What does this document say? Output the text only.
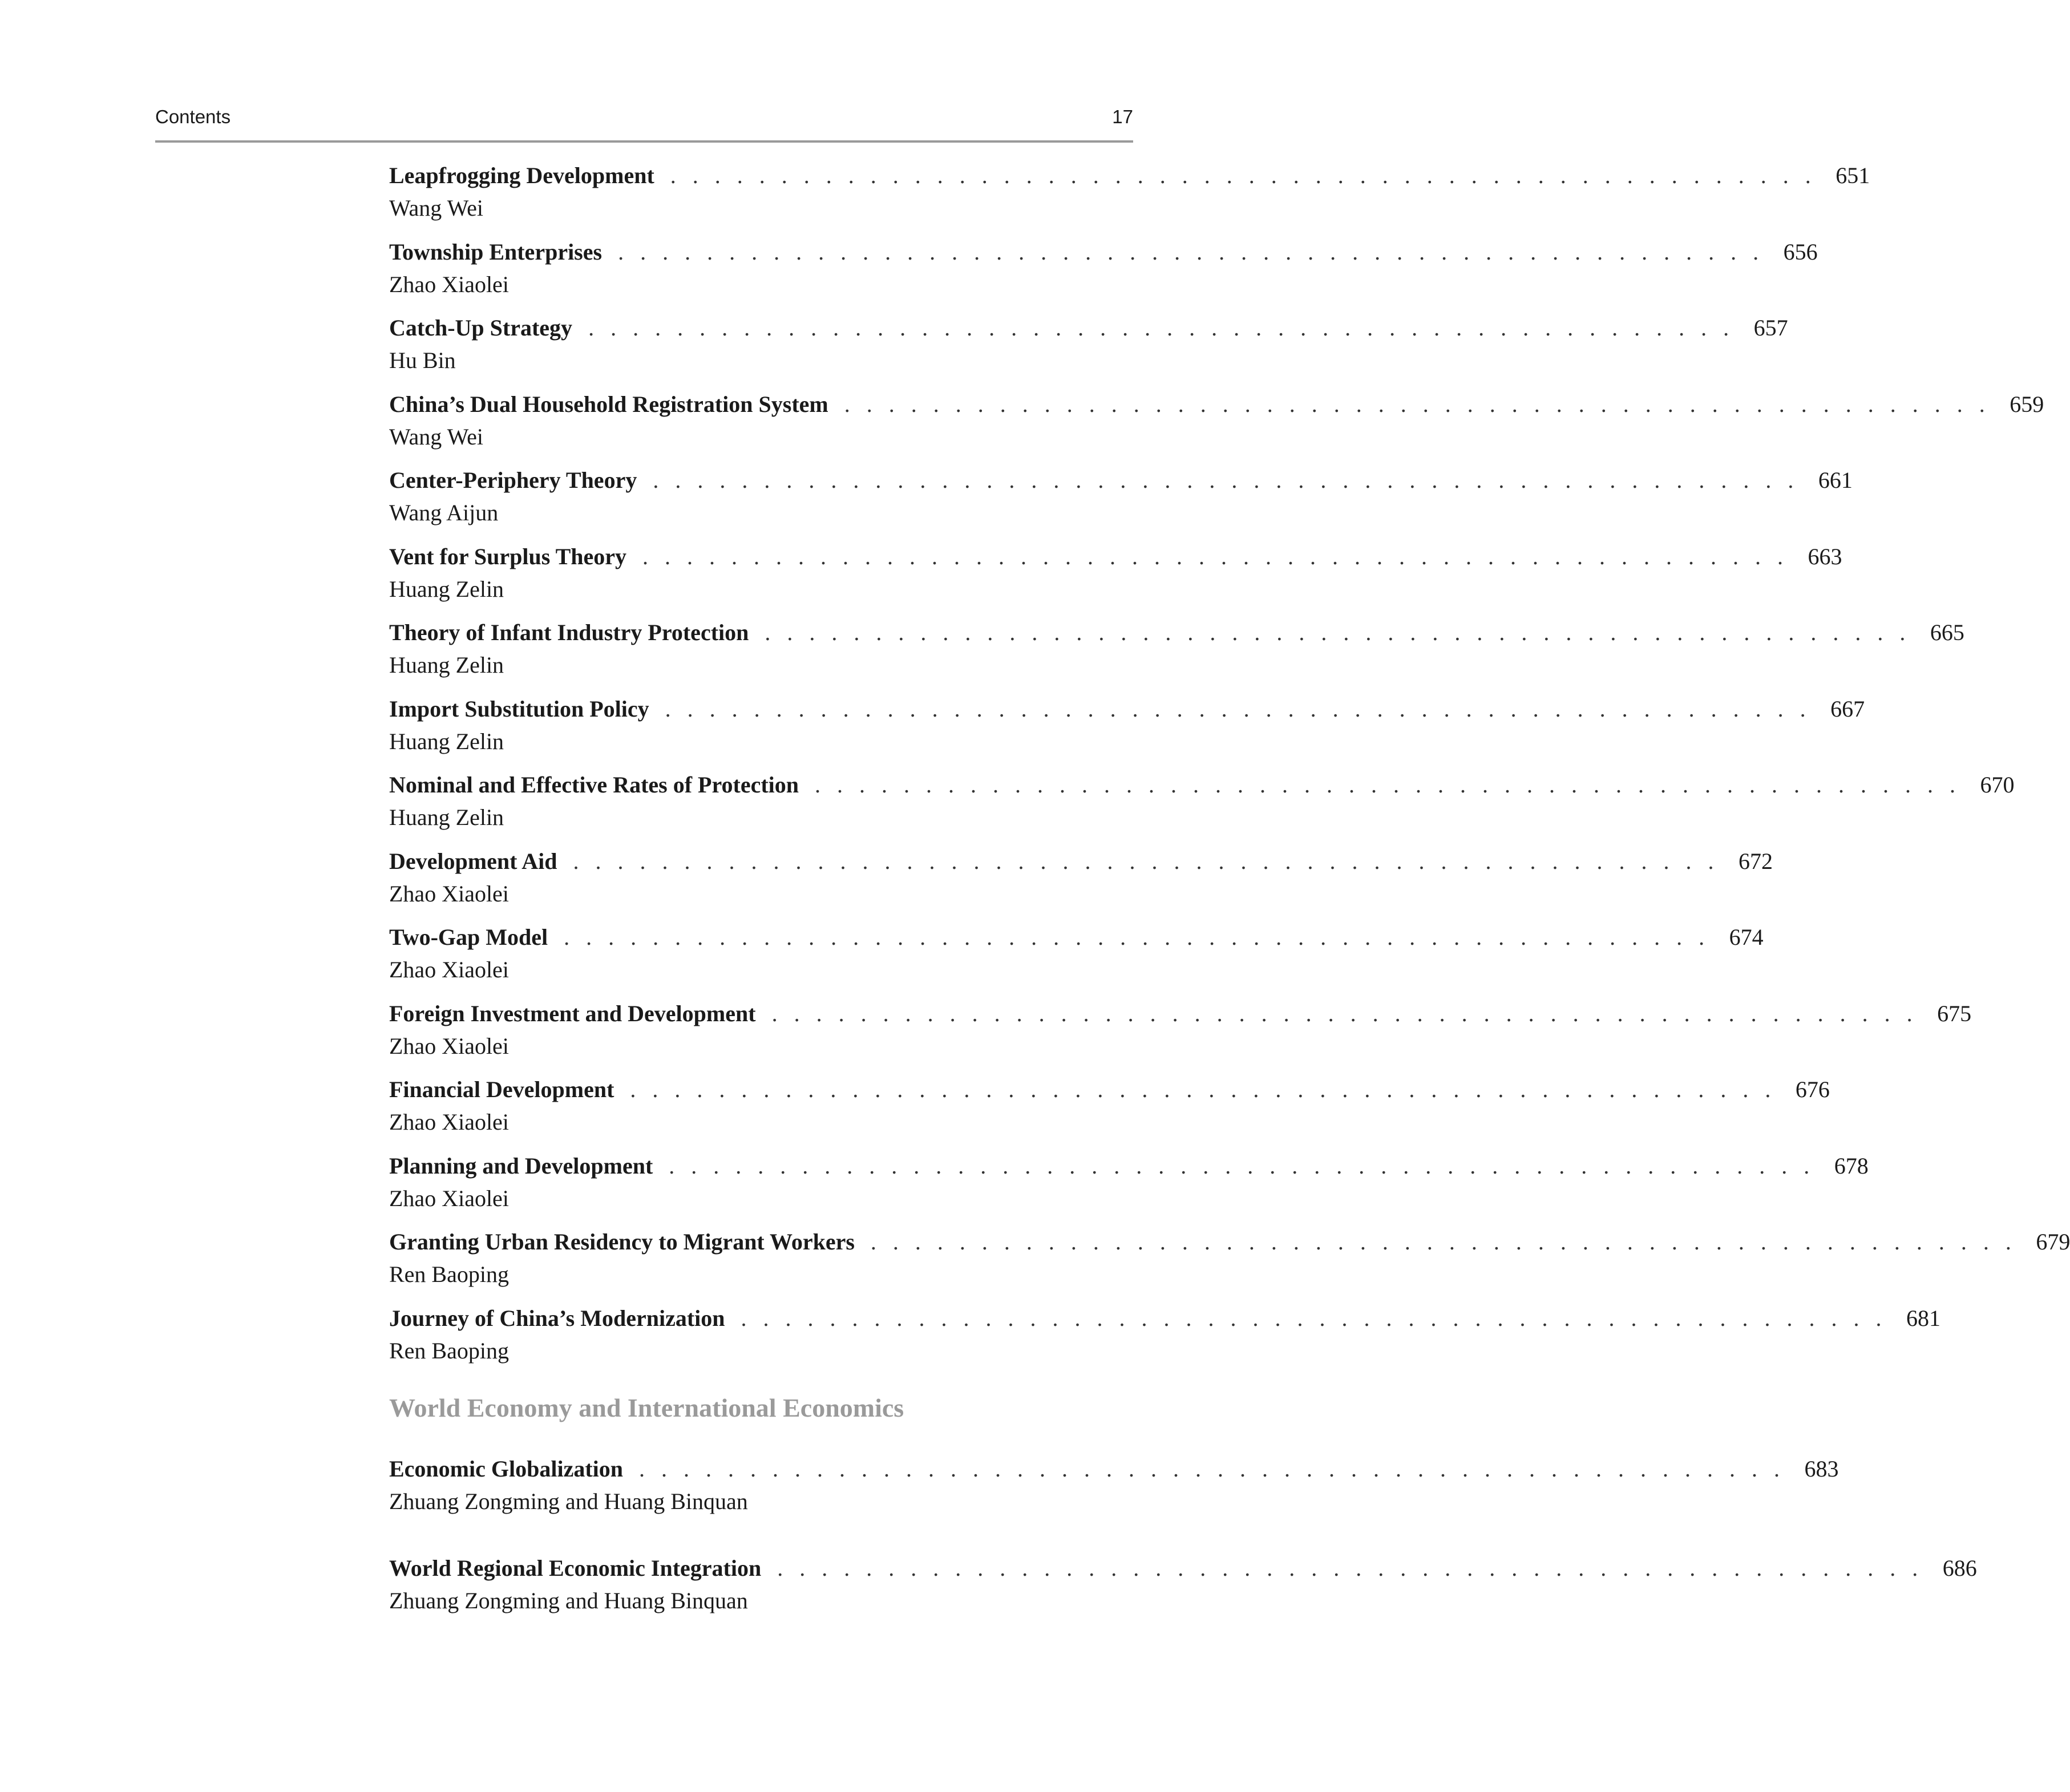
Contents	17
Leapfrogging Development . . . . . . . . . . . . . . . . . . . . . . . . . . . . . . . . . . . . . . . . . . . . . . . . . . . . 651
Wang Wei
Township Enterprises . . . . . . . . . . . . . . . . . . . . . . . . . . . . . . . . . . . . . . . . . . . . . . . . . . . . 656
Zhao Xiaolei
Catch-Up Strategy . . . . . . . . . . . . . . . . . . . . . . . . . . . . . . . . . . . . . . . . . . . . . . . . . . . . 657
Hu Bin
China’s Dual Household Registration System . . . . . . . . . . . . . . . . . . . . . . . . . . . . . . . . . . . . . . . . . . . . . . . . . . . . 659
Wang Wei
Center-Periphery Theory . . . . . . . . . . . . . . . . . . . . . . . . . . . . . . . . . . . . . . . . . . . . . . . . . . . . 661
Wang Aijun
Vent for Surplus Theory . . . . . . . . . . . . . . . . . . . . . . . . . . . . . . . . . . . . . . . . . . . . . . . . . . . . 663
Huang Zelin
Theory of Infant Industry Protection . . . . . . . . . . . . . . . . . . . . . . . . . . . . . . . . . . . . . . . . . . . . . . . . . . . . 665
Huang Zelin
Import Substitution Policy . . . . . . . . . . . . . . . . . . . . . . . . . . . . . . . . . . . . . . . . . . . . . . . . . . . . 667
Huang Zelin
Nominal and Effective Rates of Protection . . . . . . . . . . . . . . . . . . . . . . . . . . . . . . . . . . . . . . . . . . . . . . . . . . . . 670
Huang Zelin
Development Aid . . . . . . . . . . . . . . . . . . . . . . . . . . . . . . . . . . . . . . . . . . . . . . . . . . . . 672
Zhao Xiaolei
Two-Gap Model . . . . . . . . . . . . . . . . . . . . . . . . . . . . . . . . . . . . . . . . . . . . . . . . . . . . 674
Zhao Xiaolei
Foreign Investment and Development . . . . . . . . . . . . . . . . . . . . . . . . . . . . . . . . . . . . . . . . . . . . . . . . . . . . 675
Zhao Xiaolei
Financial Development . . . . . . . . . . . . . . . . . . . . . . . . . . . . . . . . . . . . . . . . . . . . . . . . . . . . 676
Zhao Xiaolei
Planning and Development . . . . . . . . . . . . . . . . . . . . . . . . . . . . . . . . . . . . . . . . . . . . . . . . . . . . 678
Zhao Xiaolei
Granting Urban Residency to Migrant Workers . . . . . . . . . . . . . . . . . . . . . . . . . . . . . . . . . . . . . . . . . . . . . . . . . . . . 679
Ren Baoping
Journey of China’s Modernization . . . . . . . . . . . . . . . . . . . . . . . . . . . . . . . . . . . . . . . . . . . . . . . . . . . . 681
Ren Baoping
World Economy and International Economics
Economic Globalization . . . . . . . . . . . . . . . . . . . . . . . . . . . . . . . . . . . . . . . . . . . . . . . . . . . . 683
Zhuang Zongming and Huang Binquan
World Regional Economic Integration . . . . . . . . . . . . . . . . . . . . . . . . . . . . . . . . . . . . . . . . . . . . . . . . . . . . 686
Zhuang Zongming and Huang Binquan
